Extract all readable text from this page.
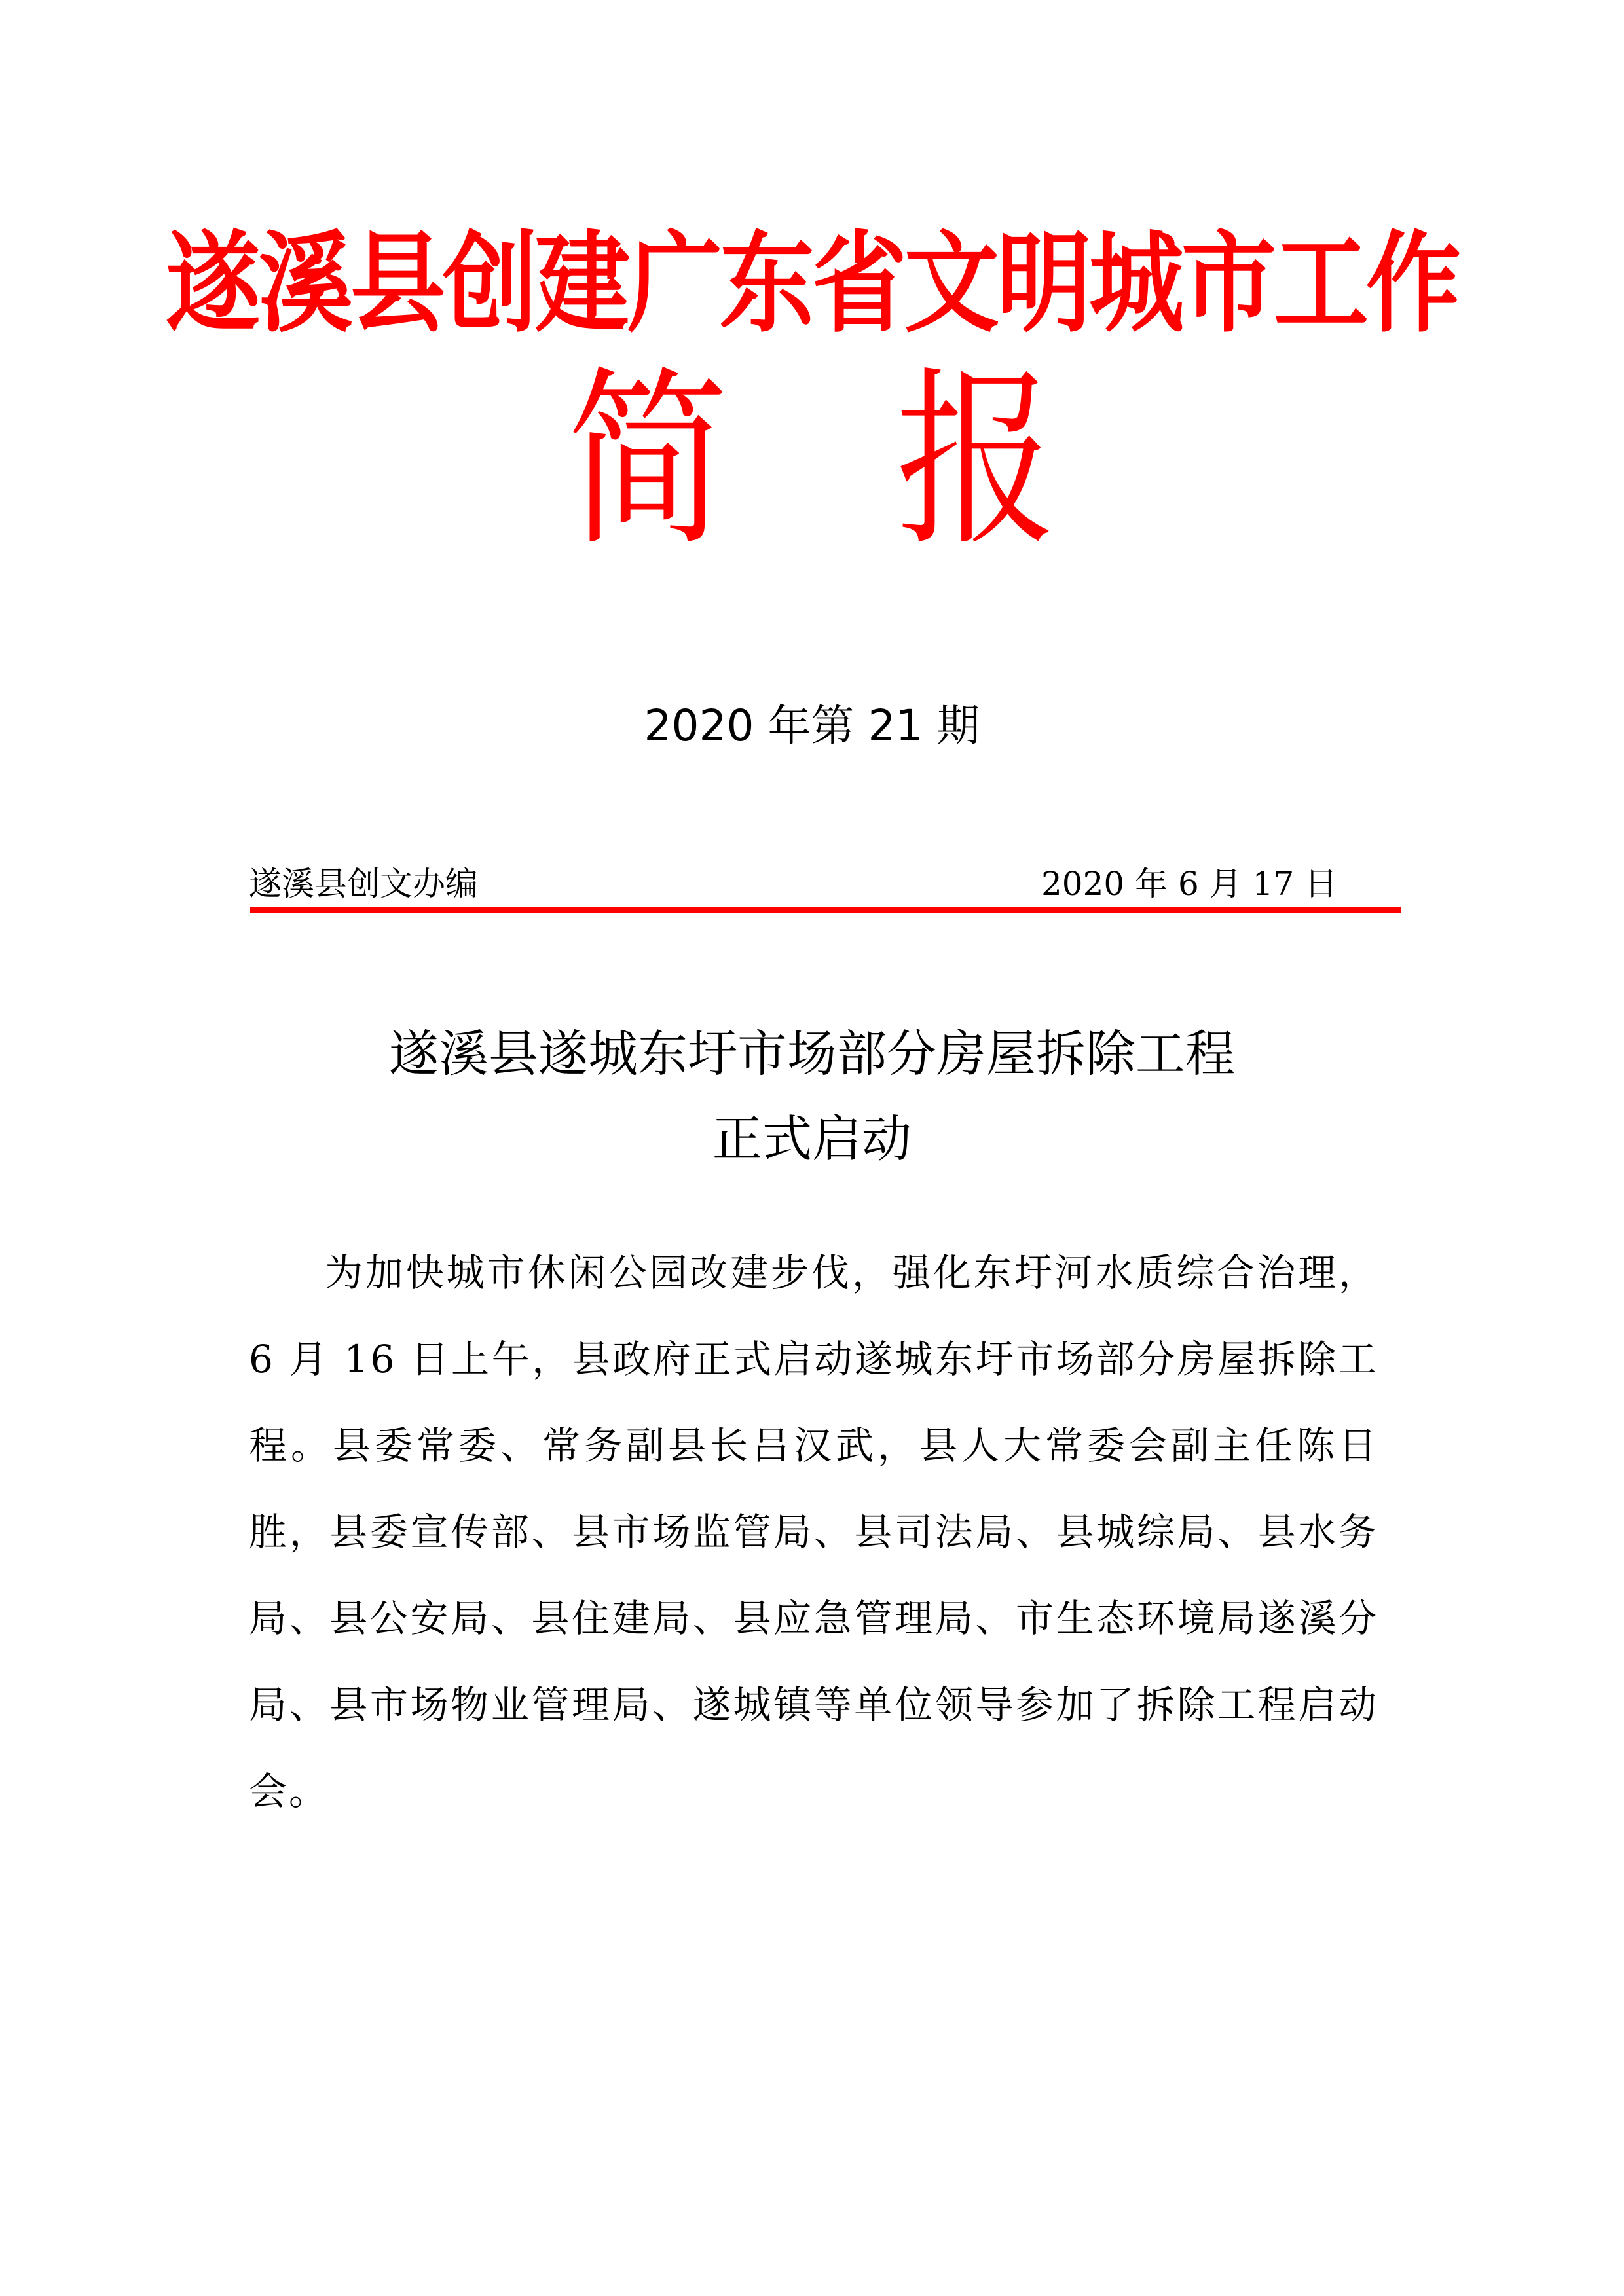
遂溪县创建广东省文明城市工作
简 报
2020 年第 21 期
遂溪县创文办编	2020 年 6 月 17 日
遂溪县遂城东圩市场部分房屋拆除工程
正式启动
为加快城市休闲公园改建步伐，强化东圩河水质综合治理，6 月 16 日上午，县政府正式启动遂城东圩市场部分房屋拆除工程。县委常委、常务副县长吕汉武，县人大常委会副主任陈日胜，县委宣传部、县市场监管局、县司法局、县城综局、县水务局、县公安局、县住建局、县应急管理局、市生态环境局遂溪分局、县市场物业管理局、遂城镇等单位领导参加了拆除工程启动会。
